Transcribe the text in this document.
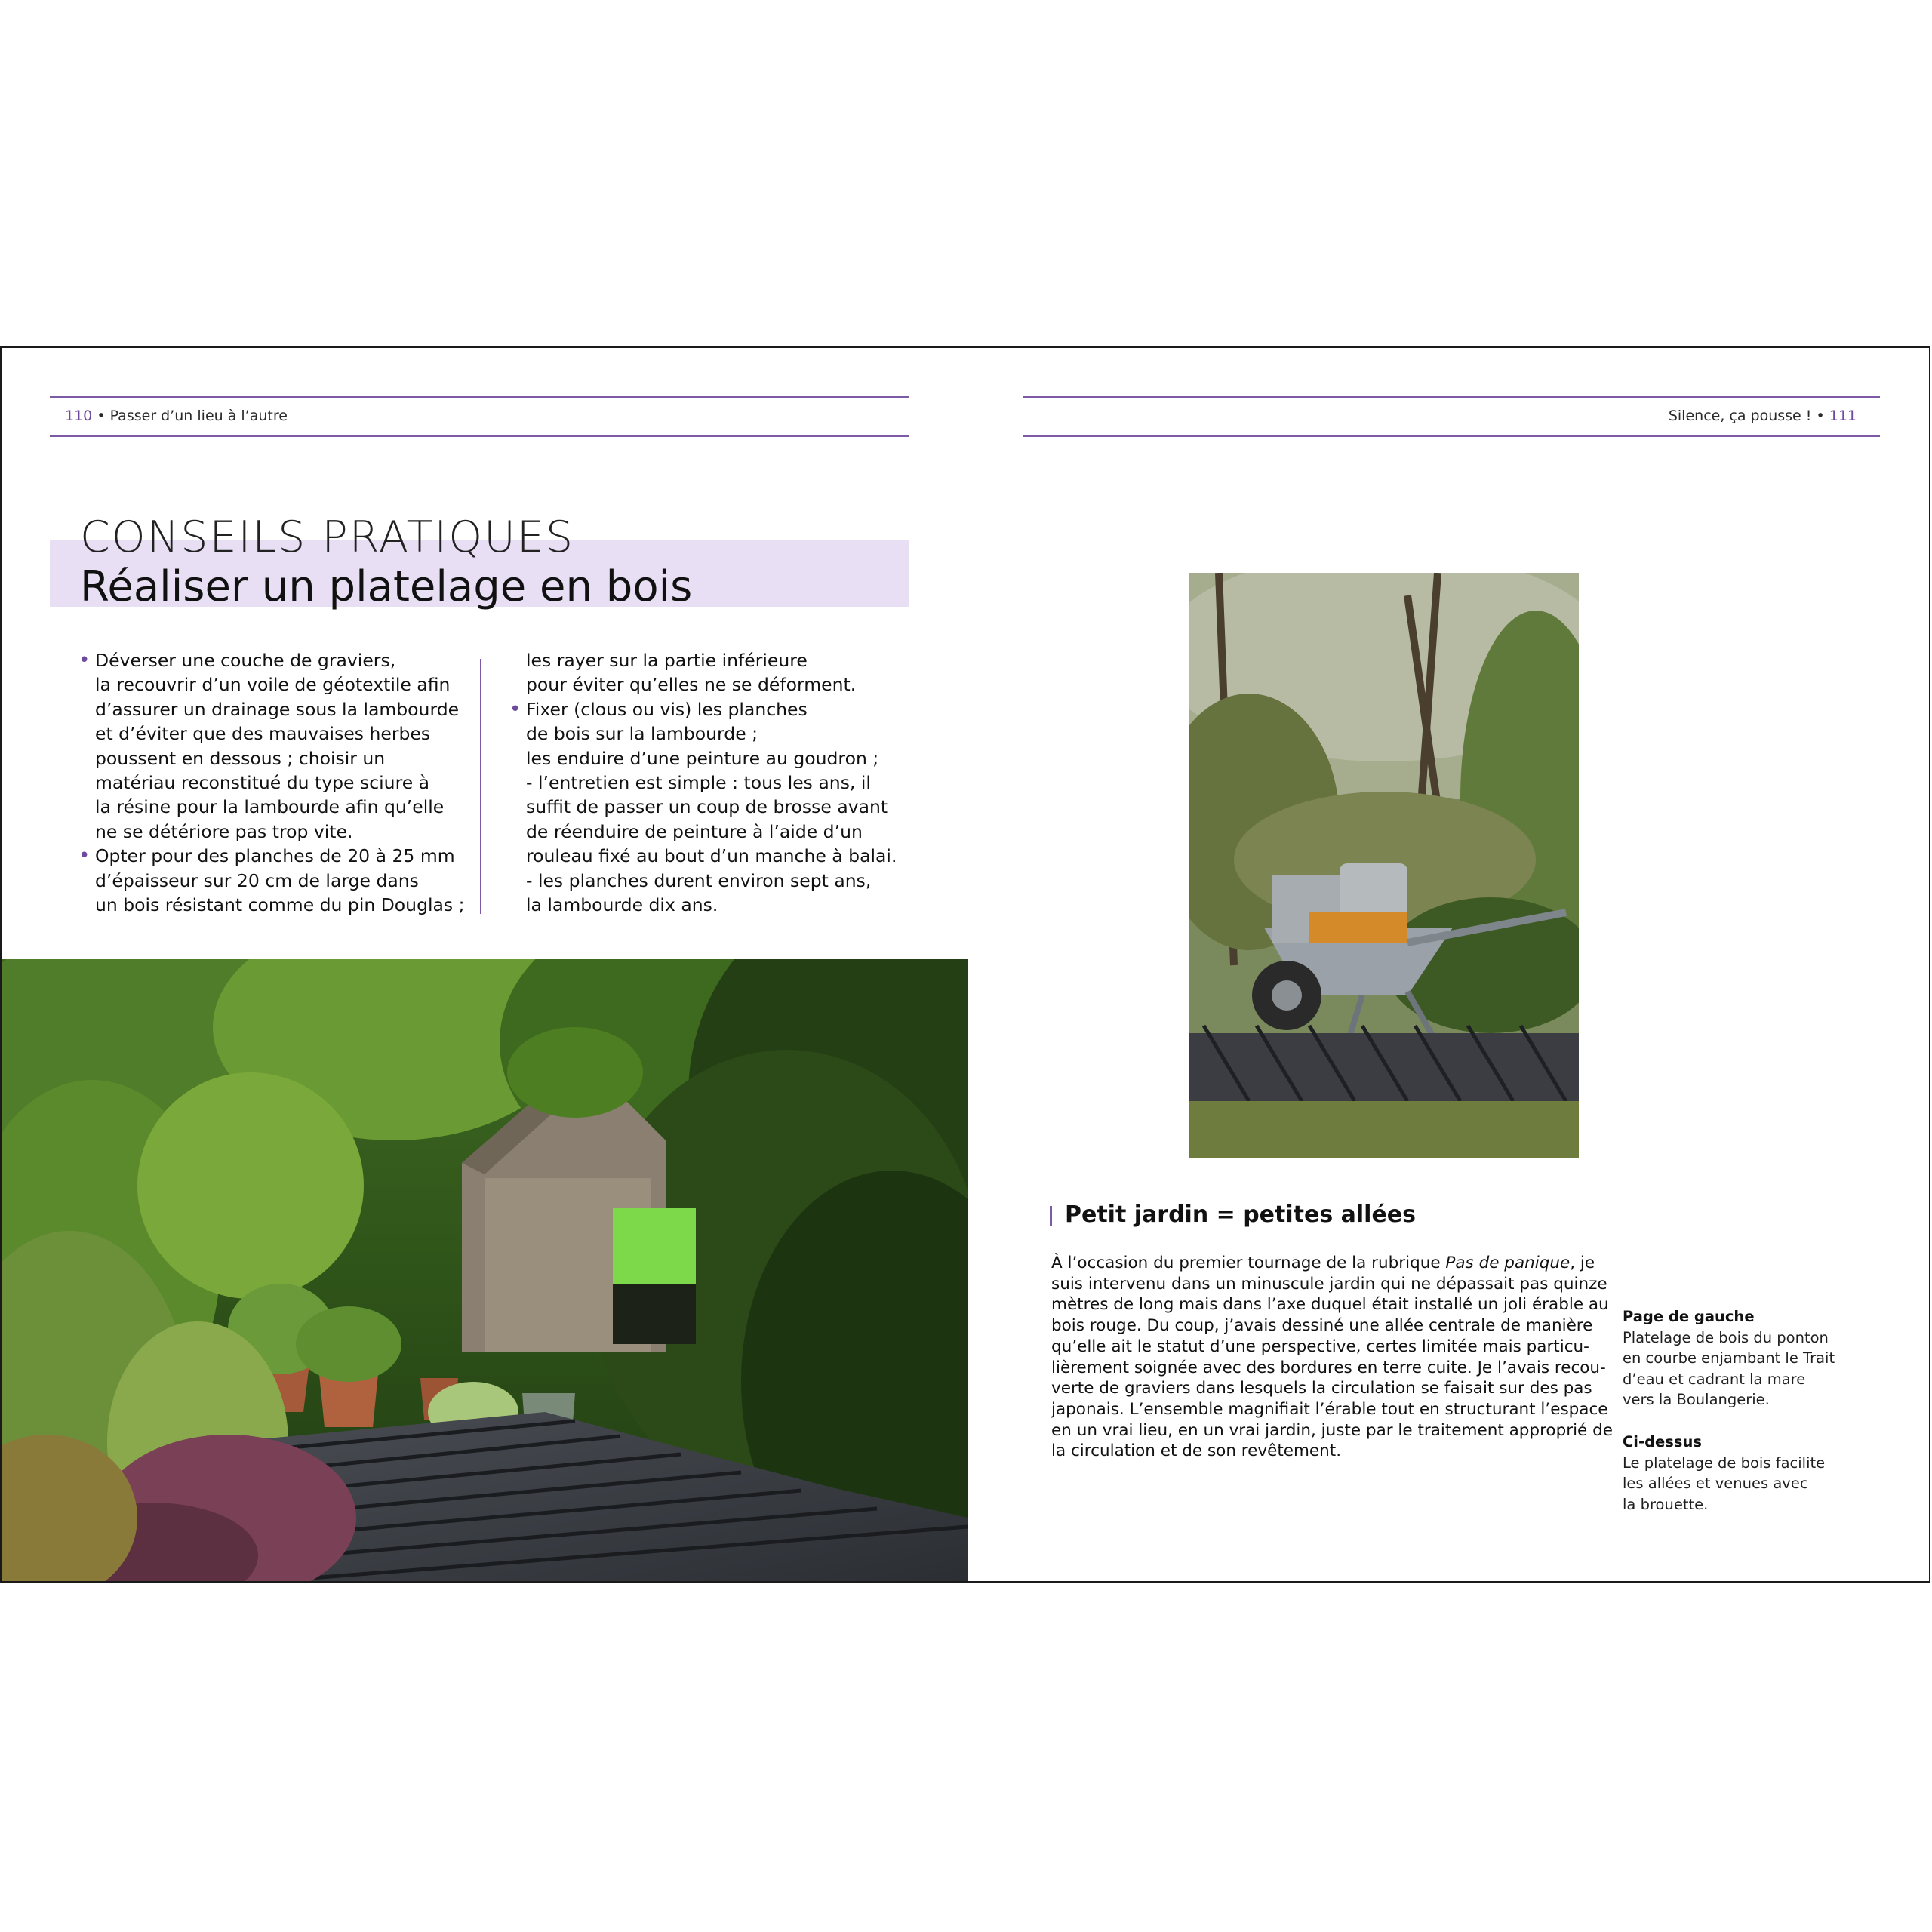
110 • Passer d’un lieu à l’autre	Silence, ça pousse ! • 111
CONSEILS PRATIQUES
Réaliser un platelage en bois

• Déverser une couche de graviers,

la recouvrir d’un voile de géotextile afin

d’assurer un drainage sous la lambourde

et d’éviter que des mauvaises herbes

poussent en dessous ; choisir un

matériau reconstitué du type sciure à

la résine pour la lambourde afin qu’elle

ne se détériore pas trop vite.

• Opter pour des planches de 20 à 25 mm

d’épaisseur sur 20 cm de large dans

un bois résistant comme du pin Douglas ;

les rayer sur la partie inférieure

pour éviter qu’elles ne se déforment.

• Fixer (clous ou vis) les planches

de bois sur la lambourde ;

les enduire d’une peinture au goudron ;

- l’entretien est simple : tous les ans, il

suffit de passer un coup de brosse avant

de réenduire de peinture à l’aide d’un

rouleau fixé au bout d’un manche à balai.

- les planches durent environ sept ans,

la lambourde dix ans.

Petit jardin = petites allées

À l’occasion du premier tournage de la rubrique Pas de panique, je

suis intervenu dans un minuscule jardin qui ne dépassait pas quinze

mètres de long mais dans l’axe duquel était installé un joli érable au

bois rouge. Du coup, j’avais dessiné une allée centrale de manière

qu’elle ait le statut d’une perspective, certes limitée mais particu-

lièrement soignée avec des bordures en terre cuite. Je l’avais recou-

verte de graviers dans lesquels la circulation se faisait sur des pas

japonais. L’ensemble magnifiait l’érable tout en structurant l’espace

en un vrai lieu, en un vrai jardin, juste par le traitement approprié de

la circulation et de son revêtement.

Page de gauche

Platelage de bois du ponton

en courbe enjambant le Trait

d’eau et cadrant la mare

vers la Boulangerie.

Ci-dessus

Le platelage de bois facilite

les allées et venues avec

la brouette.
